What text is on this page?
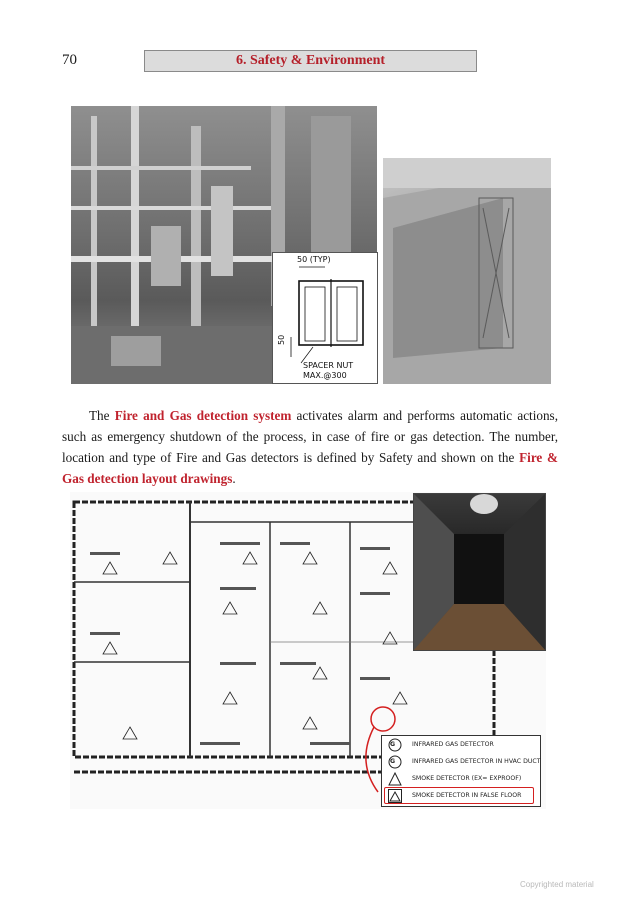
70	6. Safety & Environment
50 (TYP)
50
SPACER NUT
MAX.@300

The Fire and Gas detection system activates alarm and performs automatic actions, such as emergency shutdown of the process, in case of fire or gas detection. The number, location and type of Fire and Gas detectors is defined by Safety and shown on the Fire & Gas detection layout drawings.

G	INFRARED GAS DETECTOR
G	INFRARED GAS DETECTOR IN HVAC DUCT
SMOKE DETECTOR (EX= EXPROOF)
SMOKE DETECTOR IN FALSE FLOOR
Copyrighted material
